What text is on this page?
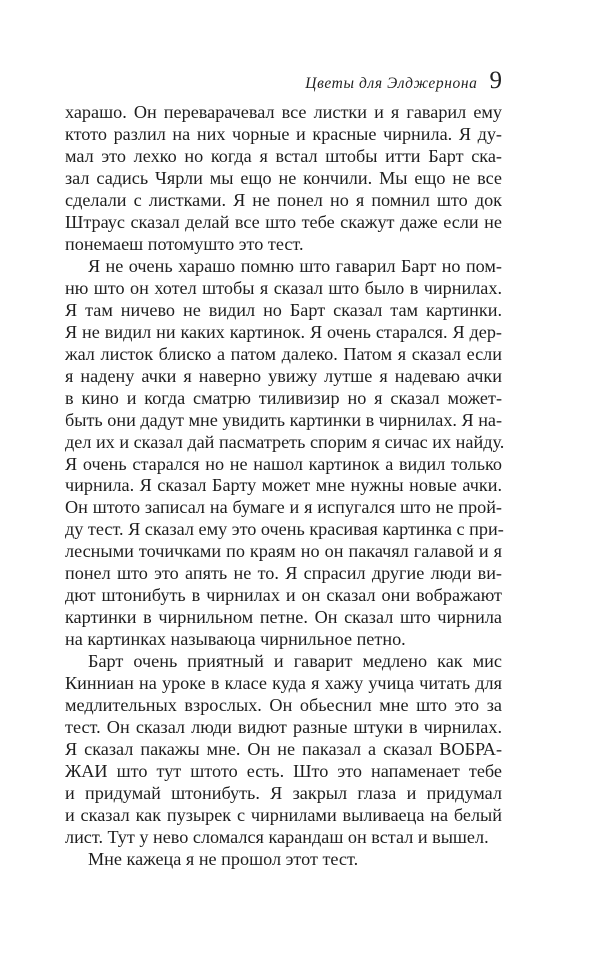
Цветы для Элджернона 9
харашо. Он переварачевал все листки и я гаварил ему
ктото разлил на них чорные и красные чирнила. Я ду-
мал это лехко но когда я встал штобы итти Барт ска-
зал садись Чярли мы ещо не кончили. Мы ещо не все
сделали с листками. Я не понел но я помнил што док
Штраус сказал делай все што тебе скажут даже если не
понемаеш потомушто это тест.
Я не очень харашо помню што гаварил Барт но пом-
ню што он хотел штобы я сказал што было в чирнилах.
Я там ничево не видил но Барт сказал там картинки.
Я не видил ни каких картинок. Я очень старался. Я дер-
жал листок блиско а патом далеко. Патом я сказал если
я надену ачки я наверно увижу лутше я надеваю ачки
в кино и когда сматрю тиливизир но я сказал может-
быть они дадут мне увидить картинки в чирнилах. Я на-
дел их и сказал дай пасматреть спорим я сичас их найду.
Я очень старался но не нашол картинок а видил только
чирнила. Я сказал Барту может мне нужны новые ачки.
Он штото записал на бумаге и я испугался што не прой-
ду тест. Я сказал ему это очень красивая картинка с при-
лесными точичками по краям но он пакачял галавой и я
понел што это апять не то. Я спрасил другие люди ви-
дют штонибуть в чирнилах и он сказал они вображают
картинки в чирнильном петне. Он сказал што чирнила
на картинках называюца чирнильное петно.
Барт очень приятный и гаварит медлено как мис
Кинниан на уроке в класе куда я хажу учица читать для
медлительных взрослых. Он обьеснил мне што это за
тест. Он сказал люди видют разные штуки в чирнилах.
Я сказал пакажы мне. Он не паказал а сказал ВОБРА-
ЖАИ што тут штото есть. Што это напаменает тебе
и придумай штонибуть. Я закрыл глаза и придумал
и сказал как пузырек с чирнилами выливаеца на белый
лист. Тут у нево сломался карандаш он встал и вышел.
Мне кажеца я не прошол этот тест.
